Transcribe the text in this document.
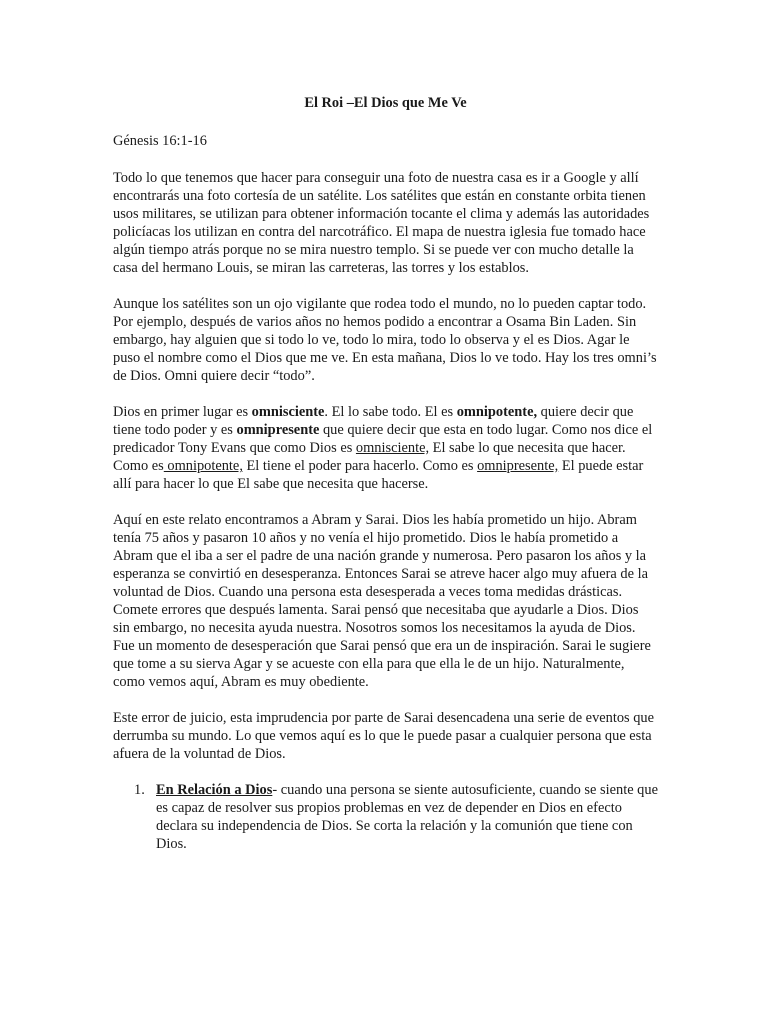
El Roi –El Dios que Me Ve
Génesis 16:1-16

Todo lo que tenemos que hacer para conseguir una foto de nuestra casa es ir a Google y allí encontrarás una foto cortesía de un satélite. Los satélites que están en constante orbita tienen usos militares, se utilizan para obtener información tocante el clima y además las autoridades policíacas los utilizan en contra del narcotráfico. El mapa de nuestra iglesia fue tomado hace algún tiempo atrás porque no se mira nuestro templo. Si se puede ver con mucho detalle la casa del hermano Louis, se miran las carreteras, las torres y los establos.

Aunque los satélites son un ojo vigilante que rodea todo el mundo, no lo pueden captar todo. Por ejemplo, después de varios años no hemos podido a encontrar a Osama Bin Laden. Sin embargo, hay alguien que si todo lo ve, todo lo mira, todo lo observa y el es Dios. Agar le puso el nombre como el Dios que me ve. En esta mañana, Dios lo ve todo. Hay los tres omni’s de Dios. Omni quiere decir “todo”.

Dios en primer lugar es omnisciente. El lo sabe todo. El es omnipotente, quiere decir que tiene todo poder y es omnipresente que quiere decir que esta en todo lugar. Como nos dice el predicador Tony Evans que como Dios es omnisciente, El sabe lo que necesita que hacer. Como es omnipotente, El tiene el poder para hacerlo. Como es omnipresente, El puede estar allí para hacer lo que El sabe que necesita que hacerse.

Aquí en este relato encontramos a Abram y Sarai. Dios les había prometido un hijo. Abram tenía 75 años y pasaron 10 años y no venía el hijo prometido. Dios le había prometido a Abram que el iba a ser el padre de una nación grande y numerosa. Pero pasaron los años y la esperanza se convirtió en desesperanza. Entonces Sarai se atreve hacer algo muy afuera de la voluntad de Dios. Cuando una persona esta desesperada a veces toma medidas drásticas. Comete errores que después lamenta. Sarai pensó que necesitaba que ayudarle a Dios. Dios sin embargo, no necesita ayuda nuestra. Nosotros somos los necesitamos la ayuda de Dios. Fue un momento de desesperación que Sarai pensó que era un de inspiración. Sarai le sugiere que tome a su sierva Agar y se acueste con ella para que ella le de un hijo. Naturalmente, como vemos aquí, Abram es muy obediente.

Este error de juicio, esta imprudencia por parte de Sarai desencadena una serie de eventos que derrumba su mundo. Lo que vemos aquí es lo que le puede pasar a cualquier persona que esta afuera de la voluntad de Dios.

1. En Relación a Dios- cuando una persona se siente autosuficiente, cuando se siente que es capaz de resolver sus propios problemas en vez de depender en Dios en efecto declara su independencia de Dios. Se corta la relación y la comunión que tiene con Dios.
